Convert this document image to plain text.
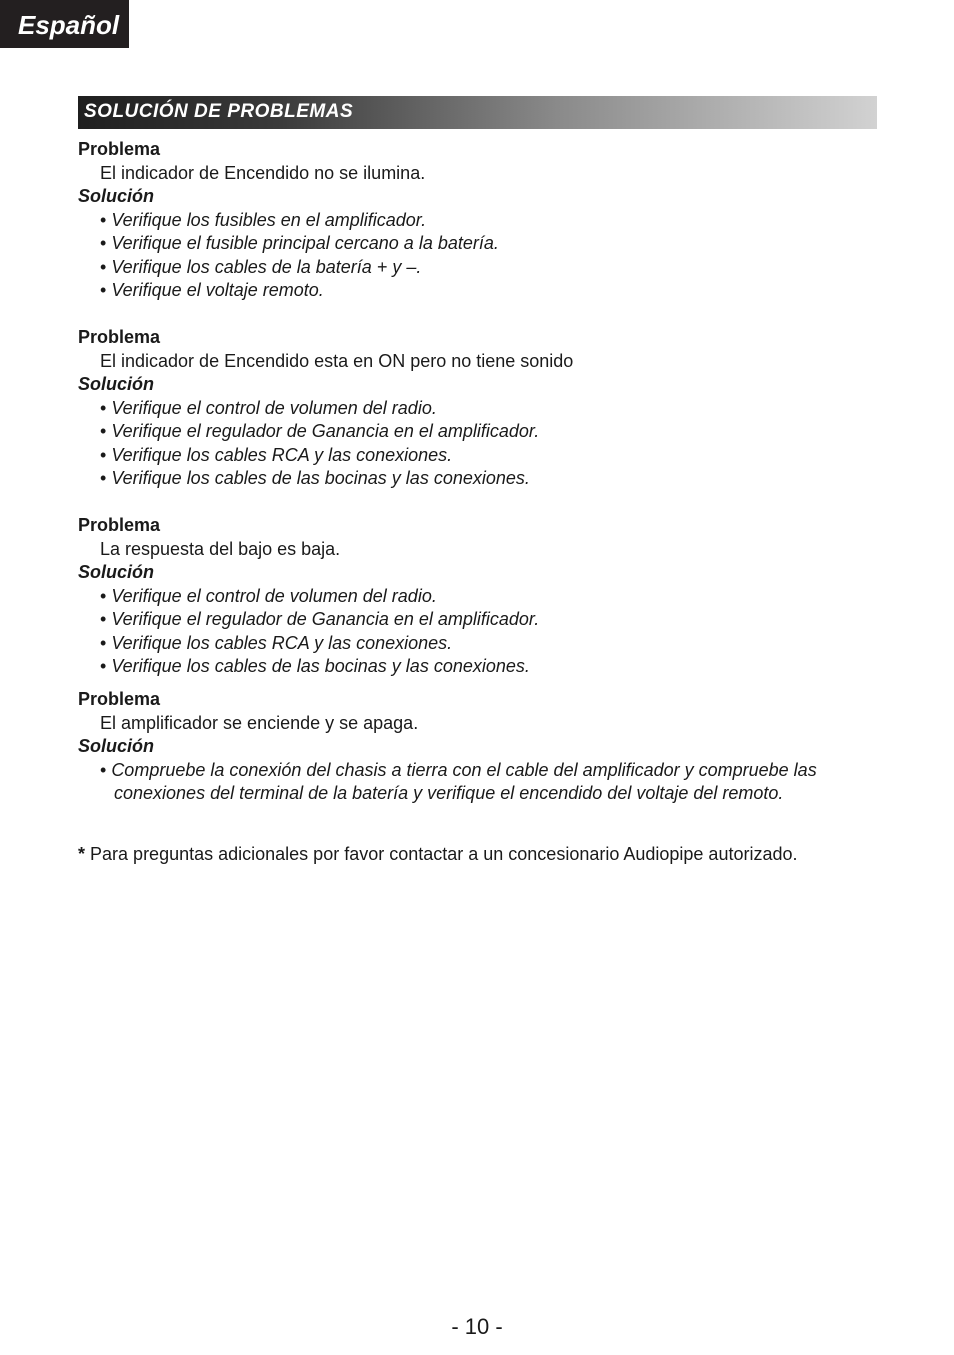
Español
SOLUCIÓN DE PROBLEMAS
Problema
El indicador de Encendido no se ilumina.
Solución
• Verifique los fusibles en el amplificador.
• Verifique el fusible principal cercano a la batería.
• Verifique los cables de la batería + y –.
• Verifique el voltaje remoto.
Problema
El indicador de Encendido esta en ON pero no tiene sonido
Solución
• Verifique el control de volumen del radio.
• Verifique el regulador de Ganancia en el amplificador.
• Verifique los cables RCA y las conexiones.
• Verifique los cables de las bocinas y las conexiones.
Problema
La respuesta del bajo es baja.
Solución
• Verifique el control de volumen del radio.
• Verifique el regulador de Ganancia en el amplificador.
• Verifique los cables RCA y las conexiones.
• Verifique los cables de las bocinas y las conexiones.
Problema
El amplificador se enciende y se apaga.
Solución
• Compruebe la conexión del chasis a tierra con el cable del amplificador y compruebe las conexiones del terminal de la batería y verifique el encendido del voltaje del remoto.
* Para preguntas adicionales por favor contactar a un concesionario Audiopipe autorizado.
- 10 -
